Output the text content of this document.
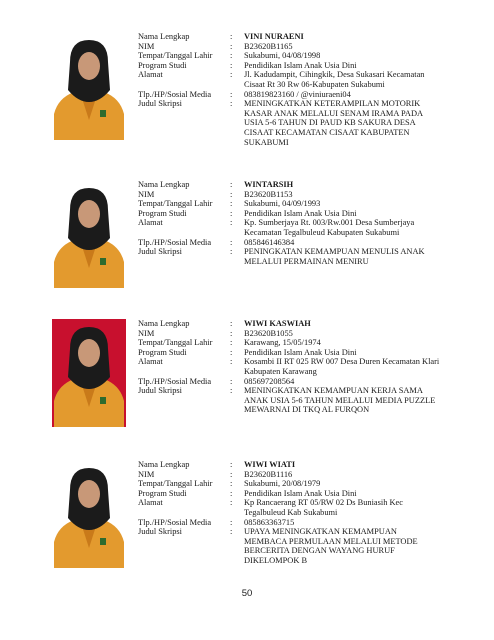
Nama Lengkap	:	VINI NURAENI
NIM	:	B23620B1165
Tempat/Tanggal Lahir	:	Sukabumi, 04/08/1998
Program Studi	:	Pendidikan Islam Anak Usia Dini
Alamat	:	Jl. Kadudampit, Cihingkik, Desa Sukasari Kecamatan
Cisaat Rt 30 Rw 06-Kabupaten Sukabumi
Tlp./HP/Sosial Media	:	083819823160 / @viniuraeni04
Judul Skripsi	:	MENINGKATKAN KETERAMPILAN MOTORIK
KASAR ANAK MELALUI SENAM IRAMA PADA
USIA 5-6 TAHUN DI PAUD KB SAKURA DESA
CISAAT KECAMATAN CISAAT KABUPATEN
SUKABUMI
Nama Lengkap	:	WINTARSIH
NIM	:	B23620B1153
Tempat/Tanggal Lahir	:	Sukabumi, 04/09/1993
Program Studi	:	Pendidikan Islam Anak Usia Dini
Alamat	:	Kp. Sumberjaya Rt. 003/Rw.001 Desa Sumberjaya
Kecamatan Tegalbuleud Kabupaten Sukabumi
Tlp./HP/Sosial Media	:	085846146384
Judul Skripsi	:	PENINGKATAN KEMAMPUAN MENULIS ANAK
MELALUI PERMAINAN MENIRU
Nama Lengkap	:	WIWI KASWIAH
NIM	:	B23620B1055
Tempat/Tanggal Lahir	:	Karawang, 15/05/1974
Program Studi	:	Pendidikan Islam Anak Usia Dini
Alamat	:	Kosambi II RT 025 RW 007 Desa Duren Kecamatan Klari
Kabupaten Karawang
Tlp./HP/Sosial Media	:	085697208564
Judul Skripsi	:	MENINGKATKAN KEMAMPUAN KERJA SAMA
ANAK USIA 5-6 TAHUN MELALUI MEDIA PUZZLE
MEWARNAI DI TKQ AL FURQON
Nama Lengkap	:	WIWI WIATI
NIM	:	B23620B1116
Tempat/Tanggal Lahir	:	Sukabumi, 20/08/1979
Program Studi	:	Pendidikan Islam Anak Usia Dini
Alamat	:	Kp Rancaerang RT 05/RW 02 Ds Buniasih Kec
Tegalbuleud Kab Sukabumi
Tlp./HP/Sosial Media	:	085863363715
Judul Skripsi	:	UPAYA MENINGKATKAN KEMAMPUAN
MEMBACA PERMULAAN MELALUI METODE
BERCERITA DENGAN WAYANG HURUF
DIKELOMPOK B
50
